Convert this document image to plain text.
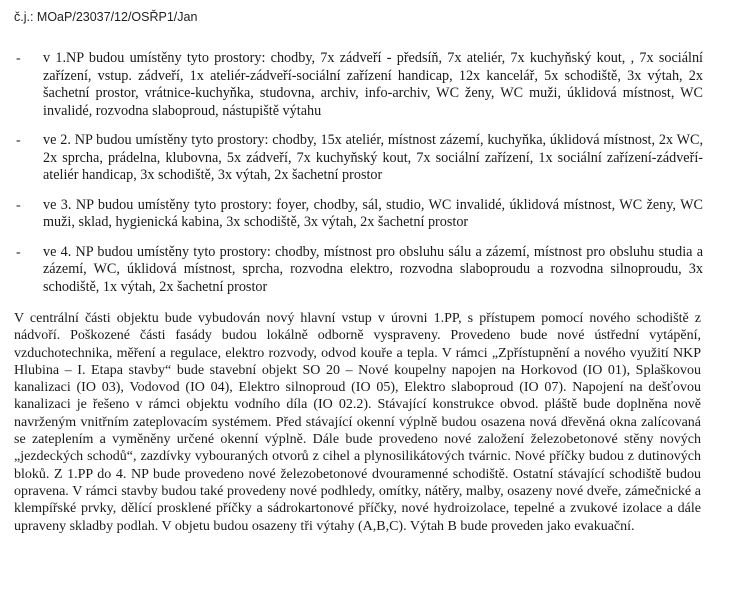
č.j.: MOaP/23037/12/OSŘP1/Jan
- v 1.NP budou umístěny tyto prostory: chodby, 7x zádveří - předsíň, 7x ateliér, 7x kuchyňský kout, , 7x sociální zařízení, vstup. zádveří, 1x ateliér-zádveří-sociální zařízení handicap, 12x kancelář, 5x schodiště, 3x výtah, 2x šachetní prostor, vrátnice-kuchyňka, studovna, archiv, info-archiv, WC ženy, WC muži, úklidová místnost, WC invalidé, rozvodna slaboproud, nástupiště výtahu
- ve 2. NP budou umístěny tyto prostory: chodby, 15x ateliér, místnost zázemí, kuchyňka, úklidová místnost, 2x WC, 2x sprcha, prádelna, klubovna, 5x zádveří, 7x kuchyňský kout, 7x sociální zařízení, 1x sociální zařízení-zádveří-ateliér handicap, 3x schodiště, 3x výtah, 2x šachetní prostor
- ve 3. NP budou umístěny tyto prostory: foyer, chodby, sál, studio, WC invalidé, úklidová místnost, WC ženy, WC muži, sklad, hygienická kabina, 3x schodiště, 3x výtah, 2x šachetní prostor
- ve 4. NP budou umístěny tyto prostory: chodby, místnost pro obsluhu sálu a zázemí, místnost pro obsluhu studia a zázemí, WC, úklidová místnost, sprcha, rozvodna elektro, rozvodna slaboproudu a rozvodna silnoproudu, 3x schodiště, 1x výtah, 2x šachetní prostor
V centrální části objektu bude vybudován nový hlavní vstup v úrovni 1.PP, s přístupem pomocí nového schodiště z nádvoří. Poškozené části fasády budou lokálně odborně vyspraveny. Provedeno bude nové ústřední vytápění, vzduchotechnika, měření a regulace, elektro rozvody, odvod kouře a tepla. V rámci „Zpřístupnění a nového využití NKP Hlubina – I. Etapa stavby“ bude stavební objekt SO 20 – Nové koupelny napojen na Horkovod (IO 01), Splaškovou kanalizaci (IO 03), Vodovod (IO 04), Elektro silnoproud (IO 05), Elektro slaboproud (IO 07). Napojení na dešťovou kanalizaci je řešeno v rámci objektu vodního díla (IO 02.2). Stávající konstrukce obvod. pláště bude doplněna nově navrženým vnitřním zateplovacím systémem. Před stávající okenní výplně budou osazena nová dřevěná okna zalícovaná se zateplením a vyměněny určené okenní výplně. Dále bude provedeno nové založení železobetonové stěny nových „jezdeckých schodů“, zazdívky vybouraných otvorů z cihel a plynosilikátových tvárnic. Nové příčky budou z dutinových bloků. Z 1.PP do 4. NP bude provedeno nové železobetonové dvouramenné schodiště. Ostatní stávající schodiště budou opravena. V rámci stavby budou také provedeny nové podhledy, omítky, nátěry, malby, osazeny nové dveře, zámečnické a klempířské prvky, dělící prosklené příčky a sádrokartonové příčky, nové hydroizolace, tepelné a zvukové izolace a dále upraveny skladby podlah. V objetu budou osazeny tři výtahy (A,B,C). Výtah B bude proveden jako evakuační.
